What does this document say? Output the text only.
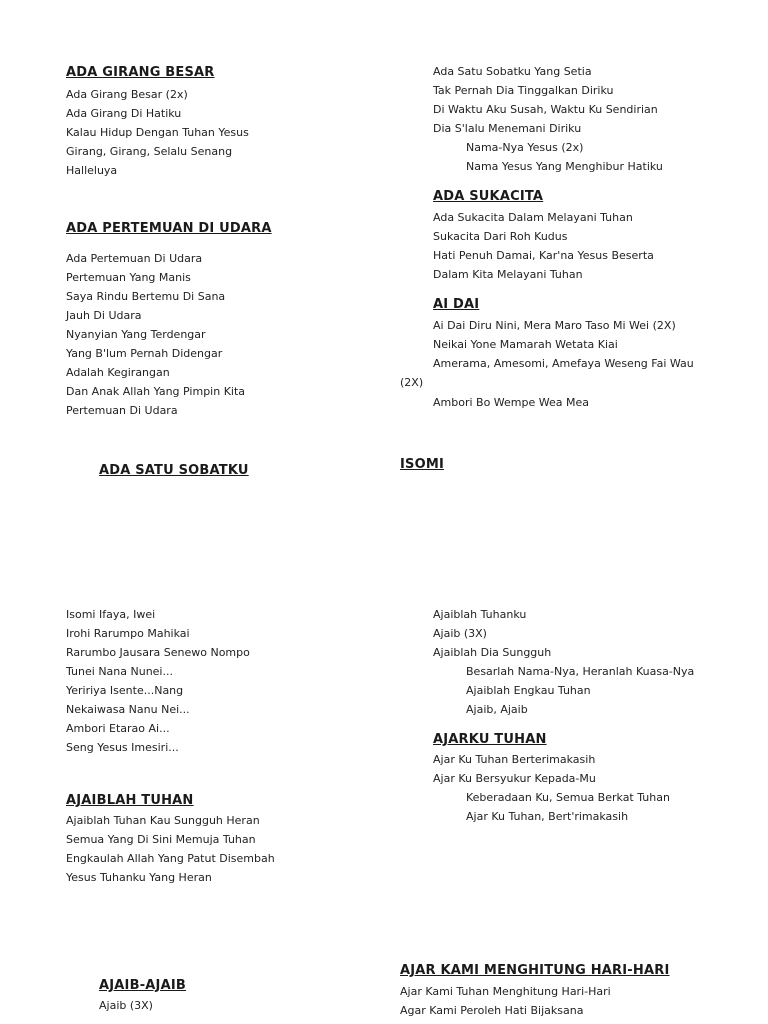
ADA GIRANG BESAR
Ada Girang Besar (2x)
Ada Girang Di Hatiku
Kalau Hidup Dengan Tuhan Yesus
Girang, Girang, Selalu Senang
Halleluya
ADA PERTEMUAN DI UDARA
Ada Pertemuan Di Udara
Pertemuan Yang Manis
Saya Rindu Bertemu Di Sana
Jauh Di Udara
Nyanyian Yang Terdengar
Yang B'lum Pernah Didengar
Adalah Kegirangan
Dan Anak Allah Yang Pimpin Kita
Pertemuan Di Udara
ADA SATU SOBATKU
Isomi Ifaya, Iwei
Irohi Rarumpo Mahikai
Rarumbo Jausara Senewo Nompo
Tunei Nana Nunei...
Yeririya Isente...Nang
Nekaiwasa Nanu Nei...
Ambori Etarao Ai...
Seng Yesus Imesiri...
AJAIBLAH TUHAN
Ajaiblah Tuhan Kau Sungguh Heran
Semua Yang Di Sini Memuja Tuhan
Engkaulah Allah Yang Patut Disembah
Yesus Tuhanku Yang Heran
AJAIB-AJAIB
Ajaib (3X)
Ada Satu Sobatku Yang Setia
Tak Pernah Dia Tinggalkan Diriku
Di Waktu Aku Susah, Waktu Ku Sendirian
Dia S'lalu Menemani Diriku
Nama-Nya Yesus (2x)
Nama Yesus Yang Menghibur Hatiku
ADA SUKACITA
Ada Sukacita Dalam Melayani Tuhan
Sukacita Dari Roh Kudus
Hati Penuh Damai, Kar'na Yesus Beserta
Dalam Kita Melayani Tuhan
AI DAI
Ai Dai Diru Nini, Mera Maro Taso Mi Wei (2X)
Neikai Yone Mamarah Wetata Kiai
Amerama, Amesomi, Amefaya Weseng Fai Wau
(2X)
Ambori Bo Wempe Wea Mea
ISOMI
Ajaiblah Tuhanku
Ajaib (3X)
Ajaiblah Dia Sungguh
Besarlah Nama-Nya, Heranlah Kuasa-Nya
Ajaiblah Engkau Tuhan
Ajaib, Ajaib
AJARKU TUHAN
Ajar Ku Tuhan Berterimakasih
Ajar Ku Bersyukur Kepada-Mu
Keberadaan Ku, Semua Berkat Tuhan
Ajar Ku Tuhan, Bert'rimakasih
AJAR KAMI MENGHITUNG HARI-HARI
Ajar Kami Tuhan Menghitung Hari-Hari
Agar Kami Peroleh Hati Bijaksana
